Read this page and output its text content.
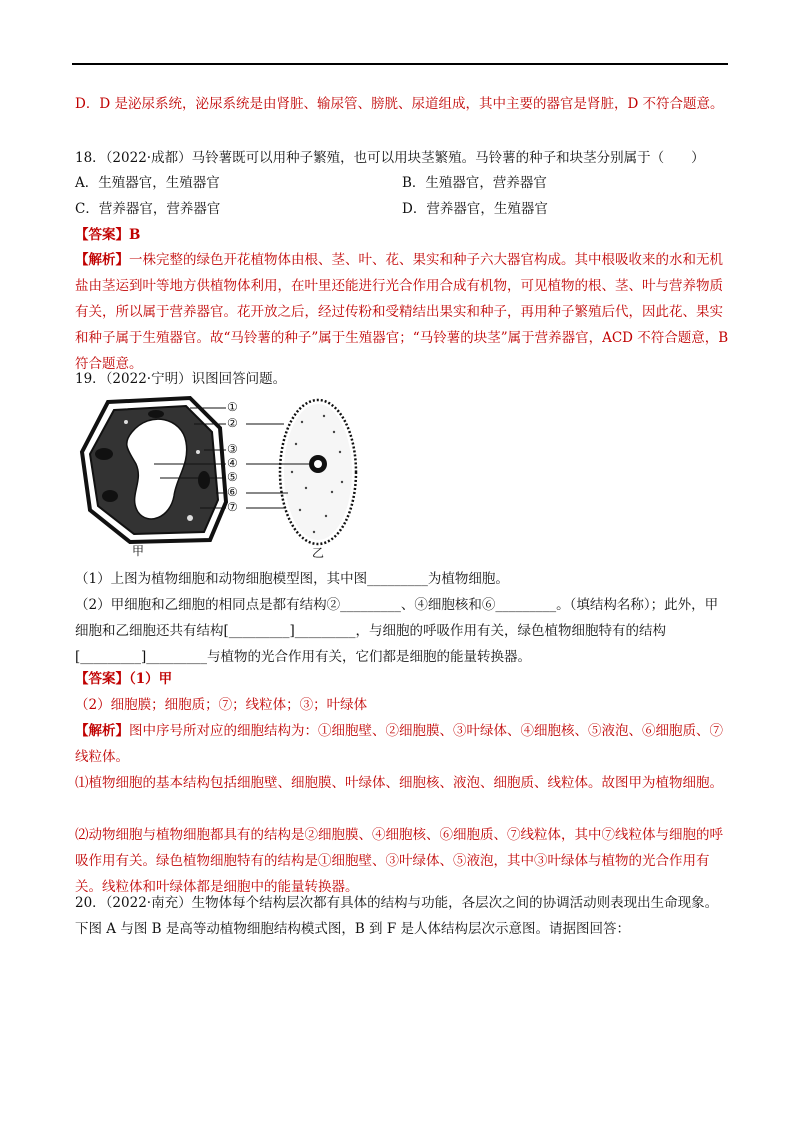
D．D 是泌尿系统，泌尿系统是由肾脏、输尿管、膀胱、尿道组成，其中主要的器官是肾脏，D 不符合题意。

18．（2022·成都）马铃薯既可以用种子繁殖，也可以用块茎繁殖。马铃薯的种子和块茎分别属于（　　）

A．生殖器官，生殖器官	B．生殖器官，营养器官
C．营养器官，营养器官	D．营养器官，生殖器官

【答案】B

【解析】一株完整的绿色开花植物体由根、茎、叶、花、果实和种子六大器官构成。其中根吸收来的水和无机盐由茎运到叶等地方供植物体利用，在叶里还能进行光合作用合成有机物，可见植物的根、茎、叶与营养物质有关，所以属于营养器官。花开放之后，经过传粉和受精结出果实和种子，再用种子繁殖后代，因此花、果实和种子属于生殖器官。故“马铃薯的种子”属于生殖器官；“马铃薯的块茎”属于营养器官，ACD 不符合题意，B 符合题意。

19．（2022·宁明）识图回答问题。

①
②
③
④
⑤
⑥
⑦
甲	乙

（1）上图为植物细胞和动物细胞模型图，其中图_________为植物细胞。

（2）甲细胞和乙细胞的相同点是都有结构②_________、④细胞核和⑥_________。（填结构名称）；此外，甲细胞和乙细胞还共有结构[_________]_________，与细胞的呼吸作用有关，绿色植物细胞特有的结构[_________]_________与植物的光合作用有关，它们都是细胞的能量转换器。

【答案】（1）甲

（2）细胞膜；细胞质；⑦；线粒体；③；叶绿体

【解析】图中序号所对应的细胞结构为：①细胞壁、②细胞膜、③叶绿体、④细胞核、⑤液泡、⑥细胞质、⑦线粒体。

⑴植物细胞的基本结构包括细胞壁、细胞膜、叶绿体、细胞核、液泡、细胞质、线粒体。故图甲为植物细胞。

⑵动物细胞与植物细胞都具有的结构是②细胞膜、④细胞核、⑥细胞质、⑦线粒体，其中⑦线粒体与细胞的呼吸作用有关。绿色植物细胞特有的结构是①细胞壁、③叶绿体、⑤液泡，其中③叶绿体与植物的光合作用有关。线粒体和叶绿体都是细胞中的能量转换器。

20．（2022·南充）生物体每个结构层次都有具体的结构与功能，各层次之间的协调活动则表现出生命现象。下图 A 与图 B 是高等动植物细胞结构模式图，B 到 F 是人体结构层次示意图。请据图回答：
